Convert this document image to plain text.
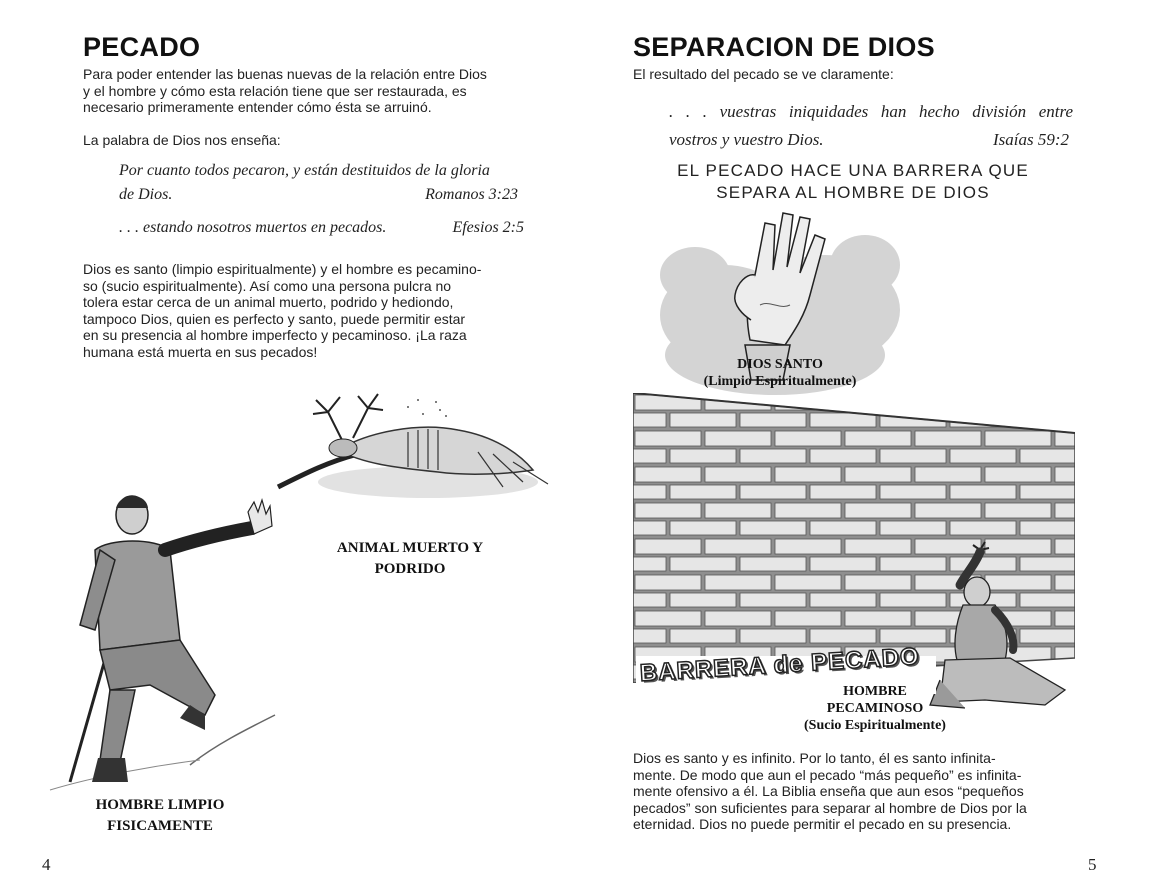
PECADO
Para poder entender las buenas nuevas de la relación entre Dios
y el hombre y cómo esta relación tiene que ser restaurada, es
necesario primeramente entender cómo ésta se arruinó.
La palabra de Dios nos enseña:
Por cuanto todos pecaron, y están destituidos de la gloria
de Dios.	Romanos 3:23
. . . estando nosotros muertos en pecados.	Efesios 2:5
Dios es santo (limpio espiritualmente) y el hombre es pecamino-
so (sucio espiritualmente). Así como una persona pulcra no
tolera estar cerca de un animal muerto, podrido y hediondo,
tampoco Dios, quien es perfecto y santo, puede permitir estar
en su presencia al hombre imperfecto y pecaminoso. ¡La raza
humana está muerta en sus pecados!
ANIMAL MUERTO Y
PODRIDO
HOMBRE LIMPIO
FISICAMENTE
4
SEPARACION DE DIOS
El resultado del pecado se ve claramente:
. . . vuestras iniquidades han hecho división entre
vostros y vuestro Dios.	Isaías 59:2
EL PECADO HACE UNA BARRERA QUE
SEPARA AL HOMBRE DE DIOS
DIOS SANTO
(Limpio Espiritualmente)
BARRERA de PECADO
HOMBRE
PECAMINOSO
(Sucio Espiritualmente)
Dios es santo y es infinito. Por lo tanto, él es santo infinita-
mente. De modo que aun el pecado “más pequeño” es infinita-
mente ofensivo a él. La Biblia enseña que aun esos “pequeños
pecados” son suficientes para separar al hombre de Dios por la
eternidad. Dios no puede permitir el pecado en su presencia.
5
